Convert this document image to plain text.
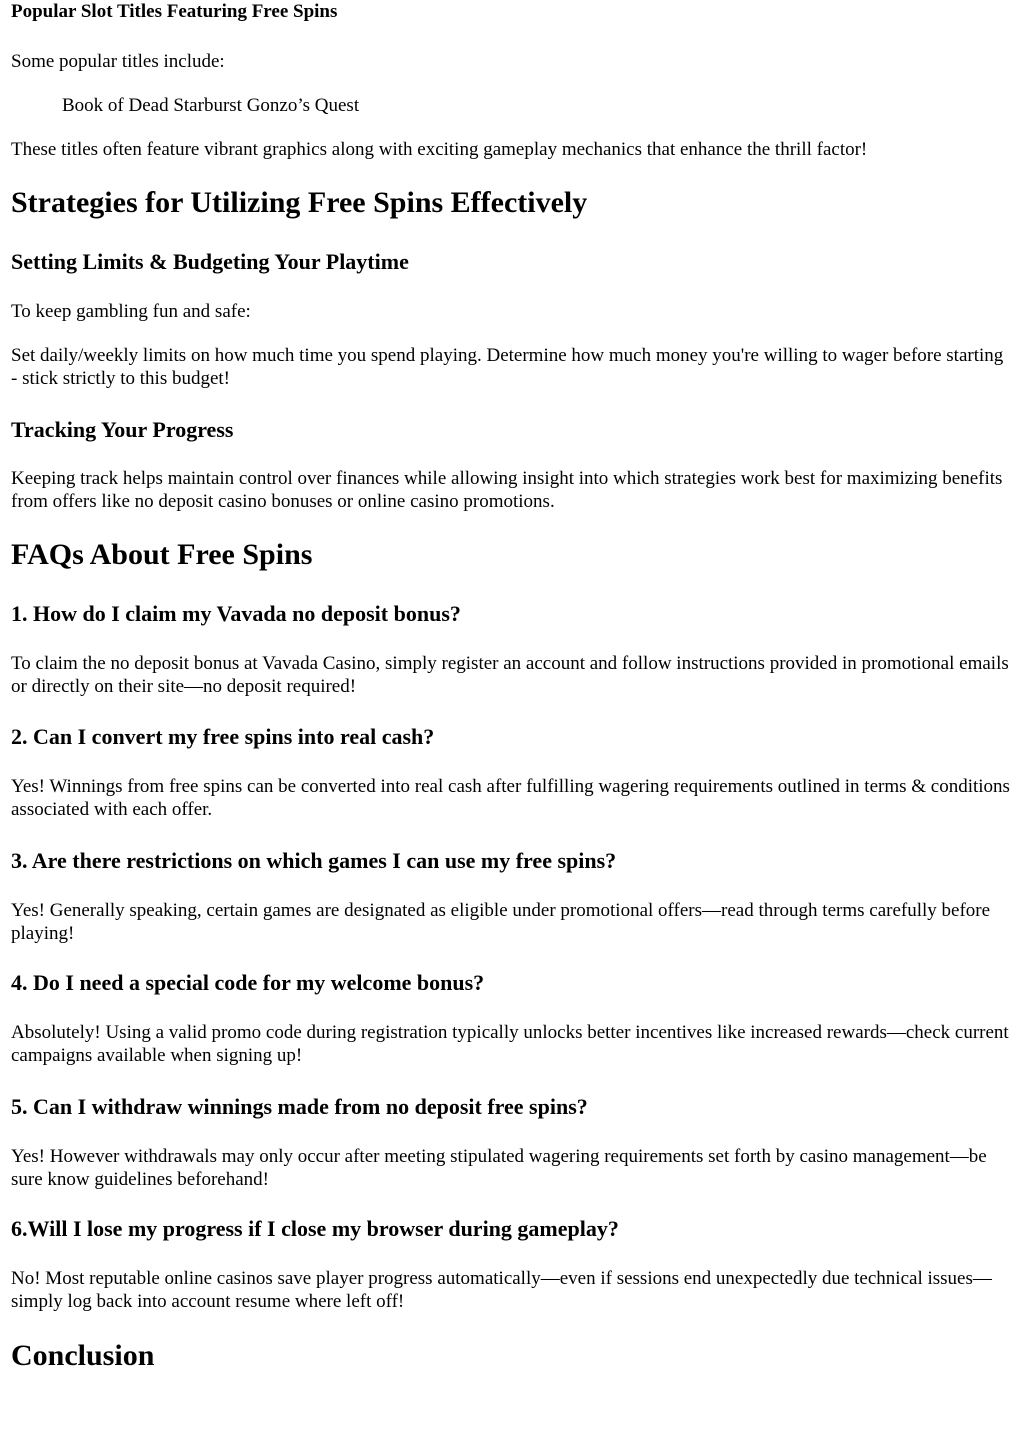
Popular Slot Titles Featuring Free Spins

Some popular titles include:

Book of Dead Starburst Gonzo’s Quest

These titles often feature vibrant graphics along with exciting gameplay mechanics that enhance the thrill factor!

Strategies for Utilizing Free Spins Effectively
Setting Limits & Budgeting Your Playtime

To keep gambling fun and safe:

Set daily/weekly limits on how much time you spend playing. Determine how much money you're willing to wager before starting - stick strictly to this budget!

Tracking Your Progress

Keeping track helps maintain control over finances while allowing insight into which strategies work best for maximizing benefits from offers like no deposit casino bonuses or online casino promotions.

FAQs About Free Spins
1. How do I claim my Vavada no deposit bonus?

To claim the no deposit bonus at Vavada Casino, simply register an account and follow instructions provided in promotional emails or directly on their site—no deposit required!

2. Can I convert my free spins into real cash?

Yes! Winnings from free spins can be converted into real cash after fulfilling wagering requirements outlined in terms & conditions associated with each offer.

3. Are there restrictions on which games I can use my free spins?

Yes! Generally speaking, certain games are designated as eligible under promotional offers—read through terms carefully before playing!

4. Do I need a special code for my welcome bonus?

Absolutely! Using a valid promo code during registration typically unlocks better incentives like increased rewards—check current campaigns available when signing up!

5. Can I withdraw winnings made from no deposit free spins?

Yes! However withdrawals may only occur after meeting stipulated wagering requirements set forth by casino management—be sure know guidelines beforehand!

6.Will I lose my progress if I close my browser during gameplay?

No! Most reputable online casinos save player progress automatically—even if sessions end unexpectedly due technical issues—simply log back into account resume where left off!

Conclusion
